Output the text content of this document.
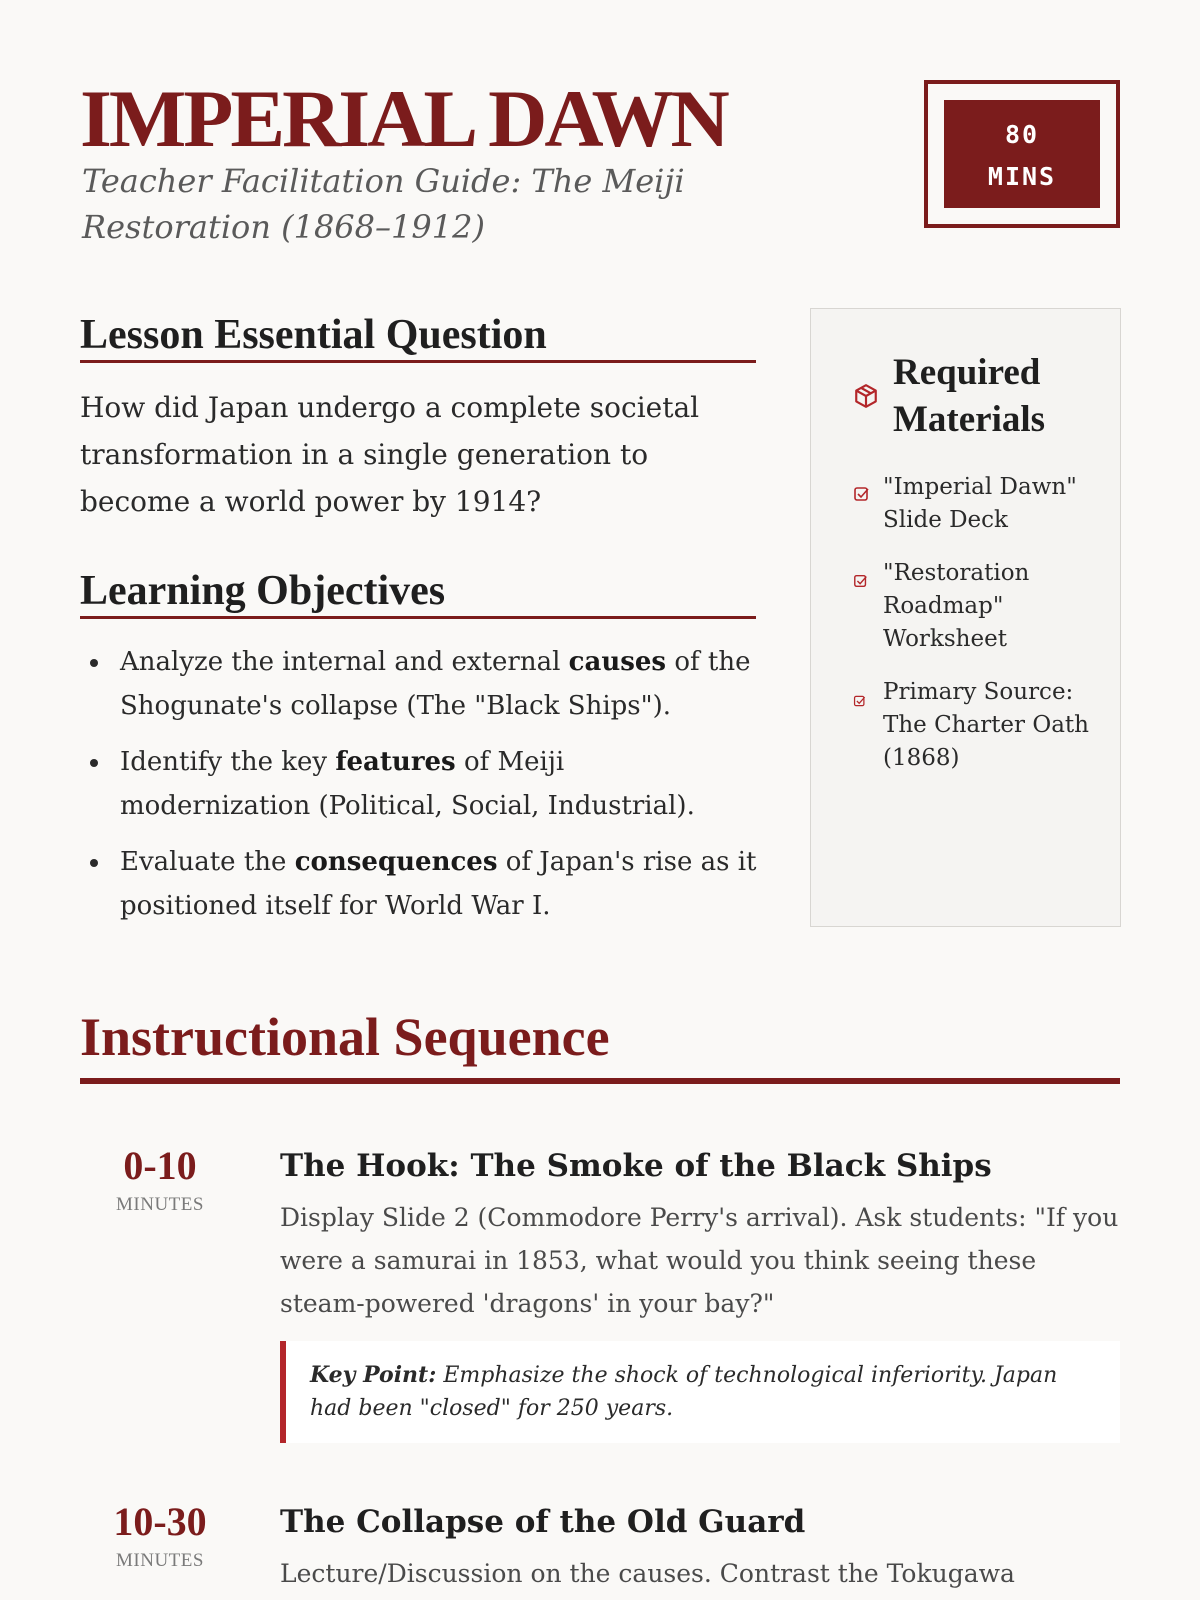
IMPERIAL DAWN

Teacher Facilitation Guide: The Meiji Restoration (1868–1912)

80
MINS
Lesson Essential Question

How did Japan undergo a complete societal transformation in a single generation to become a world power by 1914?

Learning Objectives
Analyze the internal and external causes of the Shogunate's collapse (The "Black Ships").
Identify the key features of Meiji modernization (Political, Social, Industrial).
Evaluate the consequences of Japan's rise as it positioned itself for World War I.
Required Materials
"Imperial Dawn" Slide Deck
"Restoration Roadmap" Worksheet
Primary Source: The Charter Oath (1868)
Instructional Sequence
0-10
MINUTES
The Hook: The Smoke of the Black Ships

Display Slide 2 (Commodore Perry's arrival). Ask students: "If you were a samurai in 1853, what would you think seeing these steam-powered 'dragons' in your bay?"

Key Point: Emphasize the shock of technological inferiority. Japan had been "closed" for 250 years.
10-30
MINUTES
The Collapse of the Old Guard

Lecture/Discussion on the causes. Contrast the Tokugawa
